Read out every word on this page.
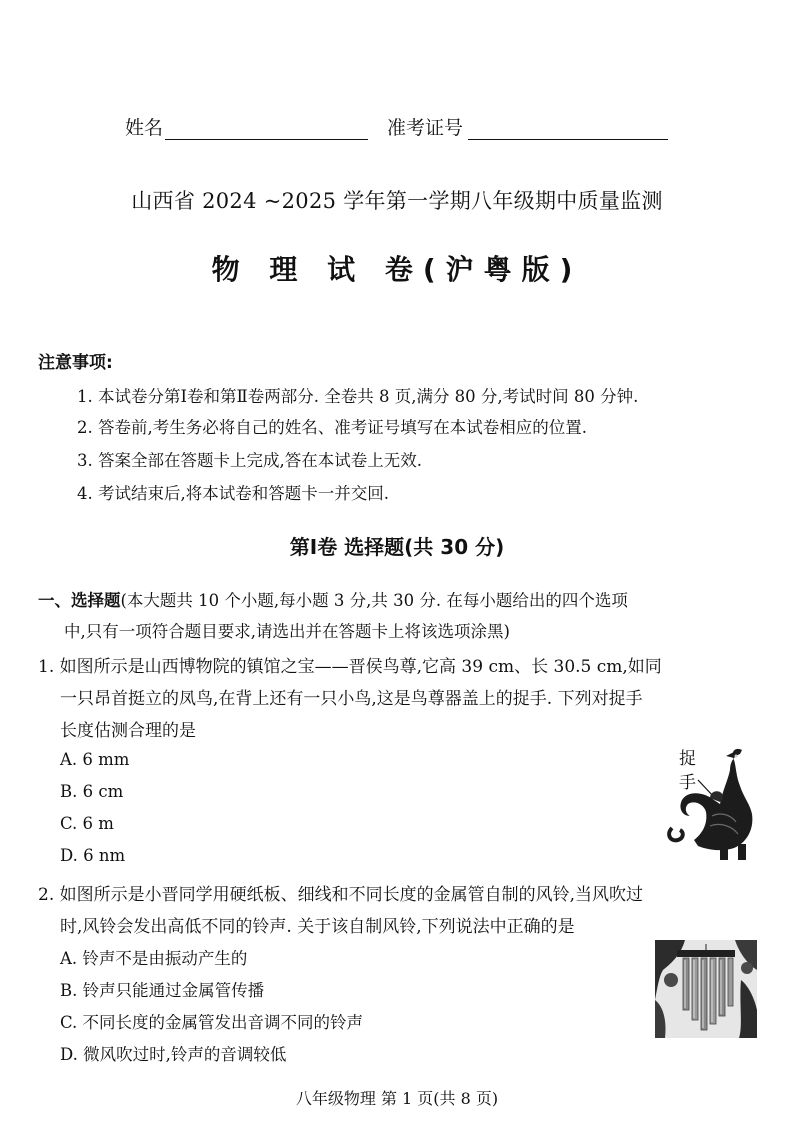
姓名	准考证号
山西省 2024 ~2025 学年第一学期八年级期中质量监测
物 理 试 卷(沪粤版)
注意事项:
1. 本试卷分第Ⅰ卷和第Ⅱ卷两部分. 全卷共 8 页,满分 80 分,考试时间 80 分钟.
2. 答卷前,考生务必将自己的姓名、准考证号填写在本试卷相应的位置.
3. 答案全部在答题卡上完成,答在本试卷上无效.
4. 考试结束后,将本试卷和答题卡一并交回.
第Ⅰ卷 选择题(共 30 分)
一、选择题(本大题共 10 个小题,每小题 3 分,共 30 分. 在每小题给出的四个选项
中,只有一项符合题目要求,请选出并在答题卡上将该选项涂黑)
1. 如图所示是山西博物院的镇馆之宝——晋侯鸟尊,它高 39 cm、长 30.5 cm,如同
一只昂首挺立的凤鸟,在背上还有一只小鸟,这是鸟尊器盖上的捉手. 下列对捉手
长度估测合理的是
A. 6 mm
B. 6 cm
C. 6 m
D. 6 nm
捉
手
2. 如图所示是小晋同学用硬纸板、细线和不同长度的金属管自制的风铃,当风吹过
时,风铃会发出高低不同的铃声. 关于该自制风铃,下列说法中正确的是
A. 铃声不是由振动产生的
B. 铃声只能通过金属管传播
C. 不同长度的金属管发出音调不同的铃声
D. 微风吹过时,铃声的音调较低
八年级物理 第 1 页(共 8 页)
